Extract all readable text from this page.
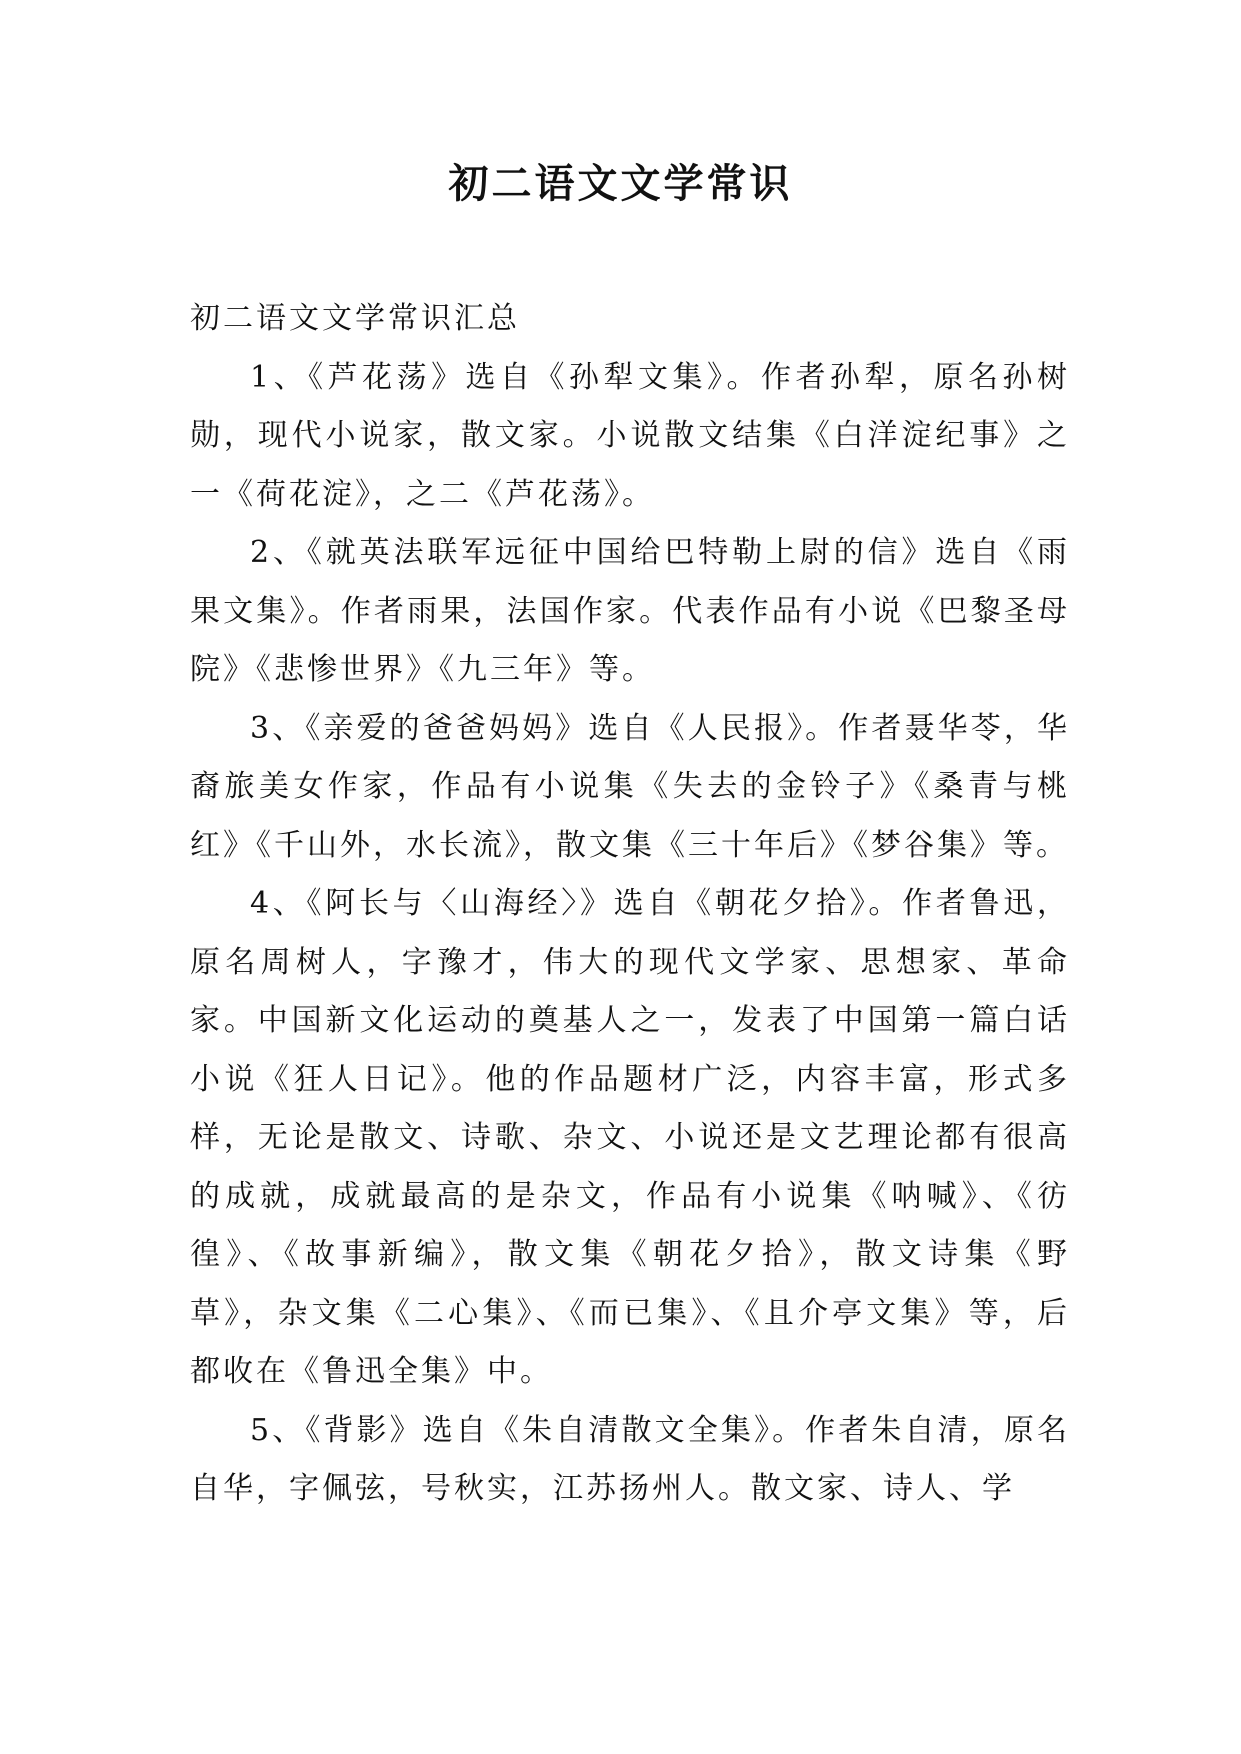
初二语文文学常识

初二语文文学常识汇总

1、《芦花荡》选自《孙犁文集》。作者孙犁，原名孙树勋，现代小说家，散文家。小说散文结集《白洋淀纪事》之一《荷花淀》，之二《芦花荡》。

2、《就英法联军远征中国给巴特勒上尉的信》选自《雨果文集》。作者雨果，法国作家。代表作品有小说《巴黎圣母院》《悲惨世界》《九三年》等。

3、《亲爱的爸爸妈妈》选自《人民报》。作者聂华苓，华裔旅美女作家，作品有小说集《失去的金铃子》《桑青与桃红》《千山外，水长流》，散文集《三十年后》《梦谷集》等。

4、《阿长与〈山海经〉》选自《朝花夕拾》。作者鲁迅，原名周树人，字豫才，伟大的现代文学家、思想家、革命家。中国新文化运动的奠基人之一，发表了中国第一篇白话小说《狂人日记》。他的作品题材广泛，内容丰富，形式多样，无论是散文、诗歌、杂文、小说还是文艺理论都有很高的成就，成就最高的是杂文，作品有小说集《呐喊》、《彷徨》、《故事新编》，散文集《朝花夕拾》，散文诗集《野草》，杂文集《二心集》、《而已集》、《且介亭文集》等，后都收在《鲁迅全集》中。

5、《背影》选自《朱自清散文全集》。作者朱自清，原名自华，字佩弦，号秋实，江苏扬州人。散文家、诗人、学
